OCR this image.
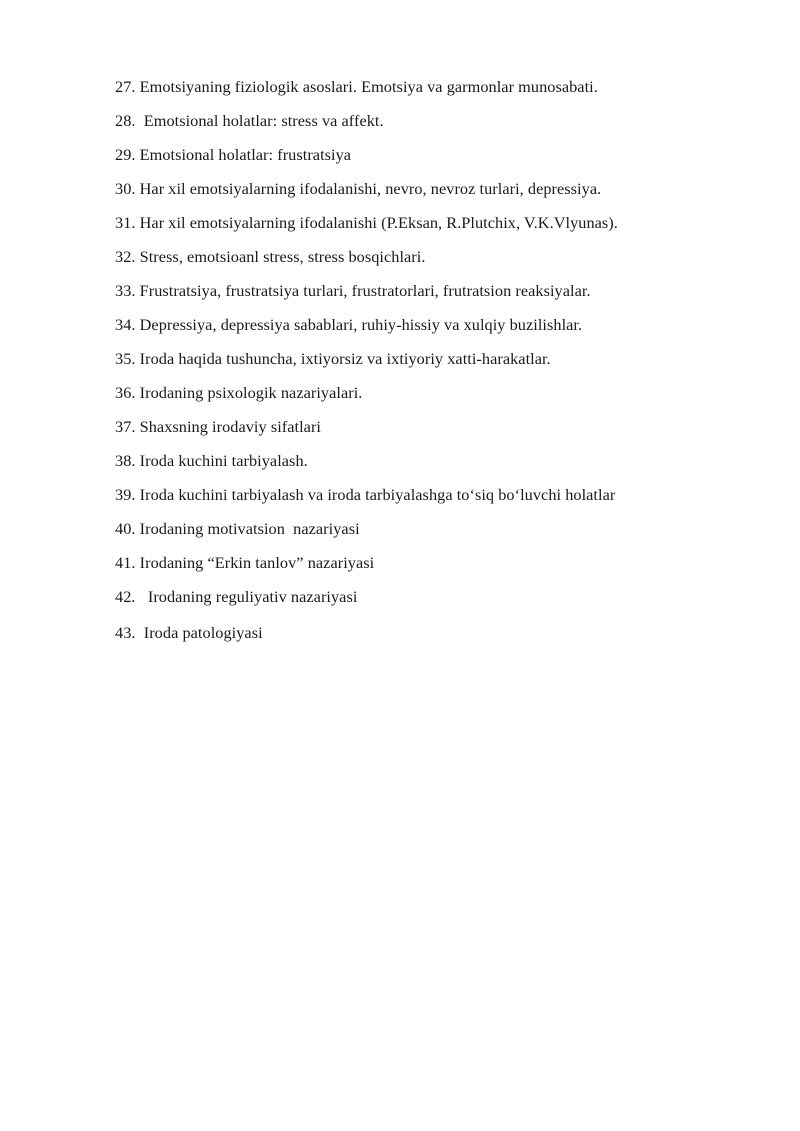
27. Emotsiyaning fiziologik asoslari. Emotsiya va garmonlar munosabati.
28.  Emotsional holatlar: stress va affekt.
29. Emotsional holatlar: frustratsiya
30. Har xil emotsiyalarning ifodalanishi, nevro, nevroz turlari, depressiya.
31. Har xil emotsiyalarning ifodalanishi (P.Eksan, R.Plutchix, V.K.Vlyunas).
32. Stress, emotsioanl stress, stress bosqichlari.
33. Frustratsiya, frustratsiya turlari, frustratorlari, frutratsion reaksiyalar.
34. Depressiya, depressiya sabablari, ruhiy-hissiy va xulqiy buzilishlar.
35. Iroda haqida tushuncha, ixtiyorsiz va ixtiyoriy xatti-harakatlar.
36. Irodaning psixologik nazariyalari.
37. Shaxsning irodaviy sifatlari
38. Iroda kuchini tarbiyalash.
39. Iroda kuchini tarbiyalash va iroda tarbiyalashga toʻsiq boʻluvchi holatlar
40. Irodaning motivatsion  nazariyasi
41. Irodaning “Erkin tanlov” nazariyasi
42.   Irodaning reguliyativ nazariyasi
43.  Iroda patologiyasi
